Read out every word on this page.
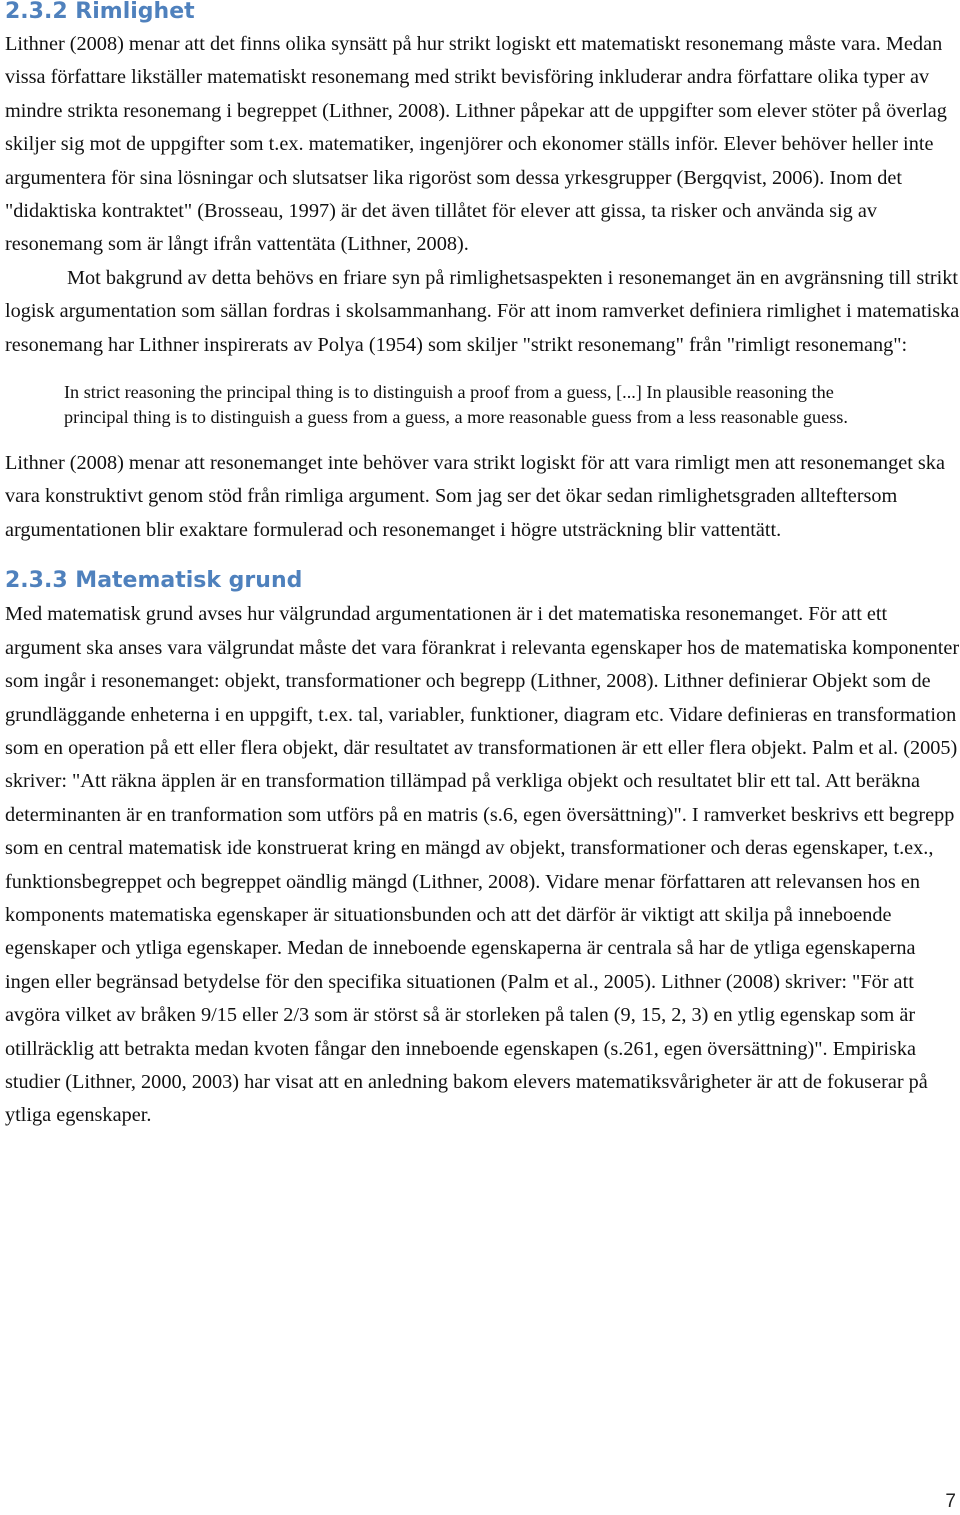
2.3.2 Rimlighet

Lithner (2008) menar att det finns olika synsätt på hur strikt logiskt ett matematiskt resonemang måste vara. Medan vissa författare likställer matematiskt resonemang med strikt bevisföring inkluderar andra författare olika typer av mindre strikta resonemang i begreppet (Lithner, 2008). Lithner påpekar att de uppgifter som elever stöter på överlag skiljer sig mot de uppgifter som t.ex. matematiker, ingenjörer och ekonomer ställs inför. Elever behöver heller inte argumentera för sina lösningar och slutsatser lika rigoröst som dessa yrkesgrupper (Bergqvist, 2006). Inom det "didaktiska kontraktet" (Brosseau, 1997) är det även tillåtet för elever att gissa, ta risker och använda sig av resonemang som är långt ifrån vattentäta (Lithner, 2008).

Mot bakgrund av detta behövs en friare syn på rimlighetsaspekten i resonemanget än en avgränsning till strikt logisk argumentation som sällan fordras i skolsammanhang. För att inom ramverket definiera rimlighet i matematiska resonemang har Lithner inspirerats av Polya (1954) som skiljer "strikt resonemang" från "rimligt resonemang":

In strict reasoning the principal thing is to distinguish a proof from a guess, [...] In plausible reasoning the principal thing is to distinguish a guess from a guess, a more reasonable guess from a less reasonable guess.

Lithner (2008) menar att resonemanget inte behöver vara strikt logiskt för att vara rimligt men att resonemanget ska vara konstruktivt genom stöd från rimliga argument. Som jag ser det ökar sedan rimlighetsgraden allteftersom argumentationen blir exaktare formulerad och resonemanget i högre utsträckning blir vattentätt.

2.3.3 Matematisk grund

Med matematisk grund avses hur välgrundad argumentationen är i det matematiska resonemanget. För att ett argument ska anses vara välgrundat måste det vara förankrat i relevanta egenskaper hos de matematiska komponenter som ingår i resonemanget: objekt, transformationer och begrepp (Lithner, 2008). Lithner definierar Objekt som de grundläggande enheterna i en uppgift, t.ex. tal, variabler, funktioner, diagram etc. Vidare definieras en transformation som en operation på ett eller flera objekt, där resultatet av transformationen är ett eller flera objekt. Palm et al. (2005) skriver: "Att räkna äpplen är en transformation tillämpad på verkliga objekt och resultatet blir ett tal. Att beräkna determinanten är en tranformation som utförs på en matris (s.6, egen översättning)". I ramverket beskrivs ett begrepp som en central matematisk ide konstruerat kring en mängd av objekt, transformationer och deras egenskaper, t.ex., funktionsbegreppet och begreppet oändlig mängd (Lithner, 2008). Vidare menar författaren att relevansen hos en komponents matematiska egenskaper är situationsbunden och att det därför är viktigt att skilja på inneboende egenskaper och ytliga egenskaper. Medan de inneboende egenskaperna är centrala så har de ytliga egenskaperna ingen eller begränsad betydelse för den specifika situationen (Palm et al., 2005). Lithner (2008) skriver: "För att avgöra vilket av bråken 9/15 eller 2/3 som är störst så är storleken på talen (9, 15, 2, 3) en ytlig egenskap som är otillräcklig att betrakta medan kvoten fångar den inneboende egenskapen (s.261, egen översättning)". Empiriska studier (Lithner, 2000, 2003) har visat att en anledning bakom elevers matematiksvårigheter är att de fokuserar på ytliga egenskaper.

7
